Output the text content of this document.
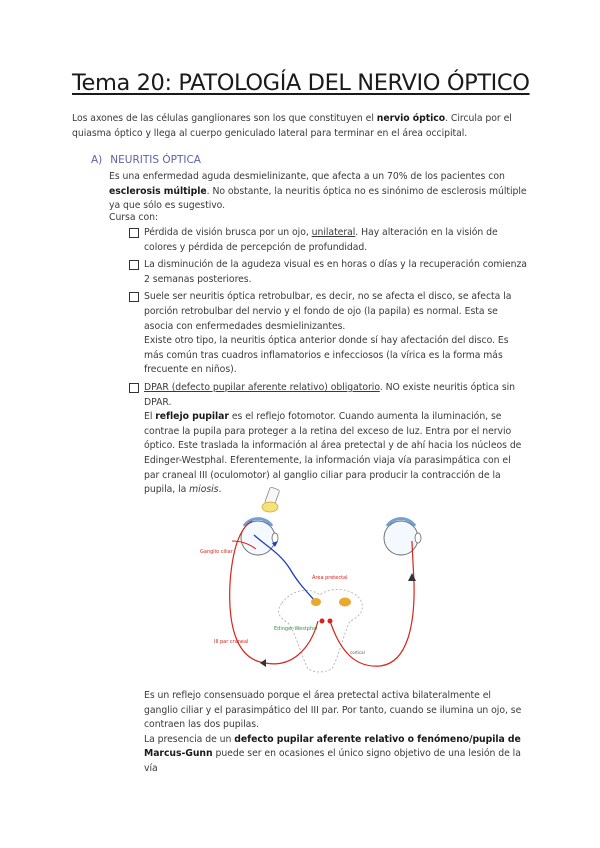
Tema 20: PATOLOGÍA DEL NERVIO ÓPTICO

Los axones de las células ganglionares son los que constituyen el nervio óptico. Circula por el quiasma óptico y llega al cuerpo geniculado lateral para terminar en el área occipital.

A) NEURITIS ÓPTICA

Es una enfermedad aguda desmielinizante, que afecta a un 70% de los pacientes con esclerosis múltiple. No obstante, la neuritis óptica no es sinónimo de esclerosis múltiple ya que sólo es sugestivo.

Cursa con:

Pérdida de visión brusca por un ojo, unilateral. Hay alteración en la visión de colores y pérdida de percepción de profundidad.
La disminución de la agudeza visual es en horas o días y la recuperación comienza 2 semanas posteriores.
Suele ser neuritis óptica retrobulbar, es decir, no se afecta el disco, se afecta la porción retrobulbar del nervio y el fondo de ojo (la papila) es normal. Esta se asocia con enfermedades desmielinizantes.
Existe otro tipo, la neuritis óptica anterior donde sí hay afectación del disco. Es más común tras cuadros inflamatorios e infecciosos (la vírica es la forma más frecuente en niños).
DPAR (defecto pupilar aferente relativo) obligatorio. NO existe neuritis óptica sin DPAR.
El reflejo pupilar es el reflejo fotomotor. Cuando aumenta la iluminación, se contrae la pupila para proteger a la retina del exceso de luz. Entra por el nervio óptico. Este traslada la información al área pretectal y de ahí hacia los núcleos de Edinger-Westphal. Eferentemente, la información viaja vía parasimpática con el par craneal III (oculomotor) al ganglio ciliar para producir la contracción de la pupila, la miosis.
Ganglio ciliar
Área pretectal
Edinger-Westphal
III par craneal
cortical

Es un reflejo consensuado porque el área pretectal activa bilateralmente el ganglio ciliar y el parasimpático del III par. Por tanto, cuando se ilumina un ojo, se contraen las dos pupilas.

La presencia de un defecto pupilar aferente relativo o fenómeno/pupila de Marcus-Gunn puede ser en ocasiones el único signo objetivo de una lesión de la vía
